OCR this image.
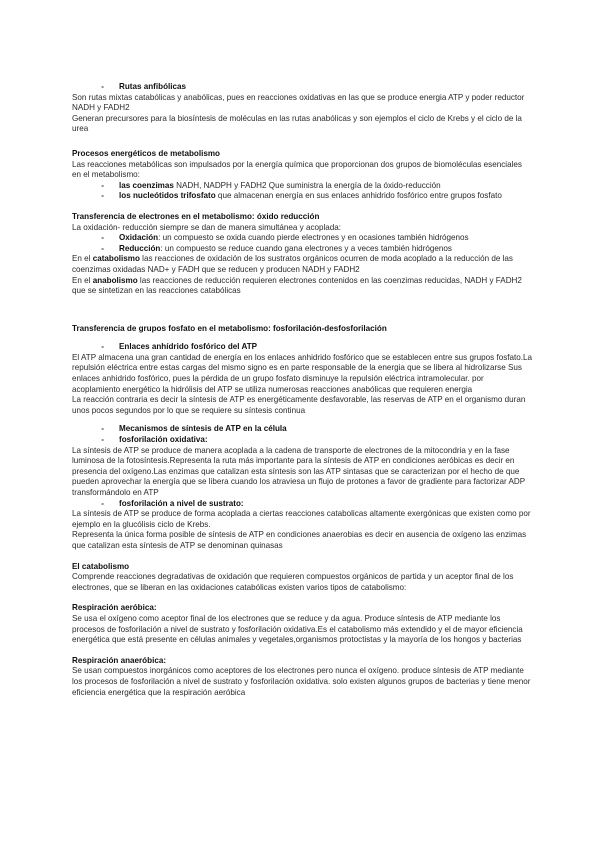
-	Rutas anfibólicas

Son rutas mixtas catabólicas y anabólicas, pues en reacciones oxidativas en las que se produce energia ATP y poder reductor NADH y FADH2

Generan precursores para la biosíntesis de moléculas en las rutas anabólicas y son ejemplos el ciclo de Krebs y el ciclo de la urea

Procesos energéticos de metabolismo

Las reacciones metabólicas son impulsados por la energía química que proporcionan dos grupos de biomoléculas esenciales en el metabolismo:

-	las coenzimas NADH, NADPH y FADH2 Que suministra la energía de la óxido-reducción
-	los nucleótidos trifosfato que almacenan energía en sus enlaces anhidrido fosfórico entre grupos fosfato

Transferencia de electrones en el metabolismo: óxido reducción

La oxidación- reducción siempre se dan de manera simultánea y acoplada:

-	Oxidación: un compuesto se oxida cuando pierde electrones y en ocasiones también hidrógenos
-	Reducción: un compuesto se reduce cuando gana electrones y a veces también hidrógenos

En el catabolismo las reacciones de oxidación de los sustratos orgánicos ocurren de moda acoplado a la reducción de las coenzimas oxidadas NAD+ y FADH que se reducen y producen NADH y FADH2

En el anabolismo las reacciones de reducción requieren electrones contenidos en las coenzimas reducidas, NADH y FADH2 que se sintetizan en las reacciones catabólicas

Transferencia de grupos fosfato en el metabolismo: fosforilación-desfosforilación

-	Enlaces anhídrido fosfórico del ATP

El ATP almacena una gran cantidad de energía en los enlaces anhidrido fosfórico que se establecen entre sus grupos fosfato.La repulsión eléctrica entre estas cargas del mismo signo es en parte responsable de la energia que se libera al hidrolizarse Sus enlaces anhidrido fosfórico, pues la pérdida de un grupo fosfato disminuye la repulsión eléctrica intramolecular. por acoplamiento energético la hidrólisis del ATP se utiliza numerosas reacciones anabólicas que requieren energia

La reacción contraria es decir la síntesis de ATP es energéticamente desfavorable, las reservas de ATP en el organismo duran unos pocos segundos por lo que se requiere su síntesis continua

-	Mecanismos de síntesis de ATP en la célula
-	fosforilación oxidativa:

La síntesis de ATP se produce de manera acoplada a la cadena de transporte de electrones de la mitocondria y en la fase luminosa de la fotosíntesis.Representa la ruta más importante para la síntesis de ATP en condiciones aeróbicas es decir en presencia del oxígeno.Las enzimas que catalizan esta síntesis son las ATP sintasas que se caracterizan por el hecho de que pueden aprovechar la energía que se libera cuando los atraviesa un flujo de protones a favor de gradiente para factorizar ADP transformándolo en ATP

-	fosforilación a nivel de sustrato:

La síntesis de ATP se produce de forma acoplada a ciertas reacciones catabolicas altamente exergónicas que existen como por ejemplo en la glucólisis ciclo de Krebs.

Representa la única forma posible de síntesis de ATP en condiciones anaerobias es decir en ausencia de oxígeno las enzimas que catalizan esta síntesis de ATP se denominan quinasas

El catabolismo

Comprende reacciones degradativas de oxidación que requieren compuestos orgánicos de partida y un aceptor final de los electrones, que se liberan en las oxidaciones catabólicas existen varios tipos de catabolismo:

Respiración aeróbica:

Se usa el oxígeno como aceptor final de los electrones que se reduce y da agua. Produce síntesis de ATP mediante los procesos de fosforilación a nivel de sustrato y fosforilación oxidativa.Es el catabolismo más extendido y el de mayor eficiencia energética que está presente en células animales y vegetales,organismos protoctistas y la mayoría de los hongos y bacterias

Respiración anaeróbica:

Se usan compuestos inorgánicos como aceptores de los electrones pero nunca el oxígeno. produce síntesis de ATP mediante los procesos de fosforilación a nivel de sustrato y fosforilación oxidativa. solo existen algunos grupos de bacterias y tiene menor eficiencia energética que la respiración aeróbica
